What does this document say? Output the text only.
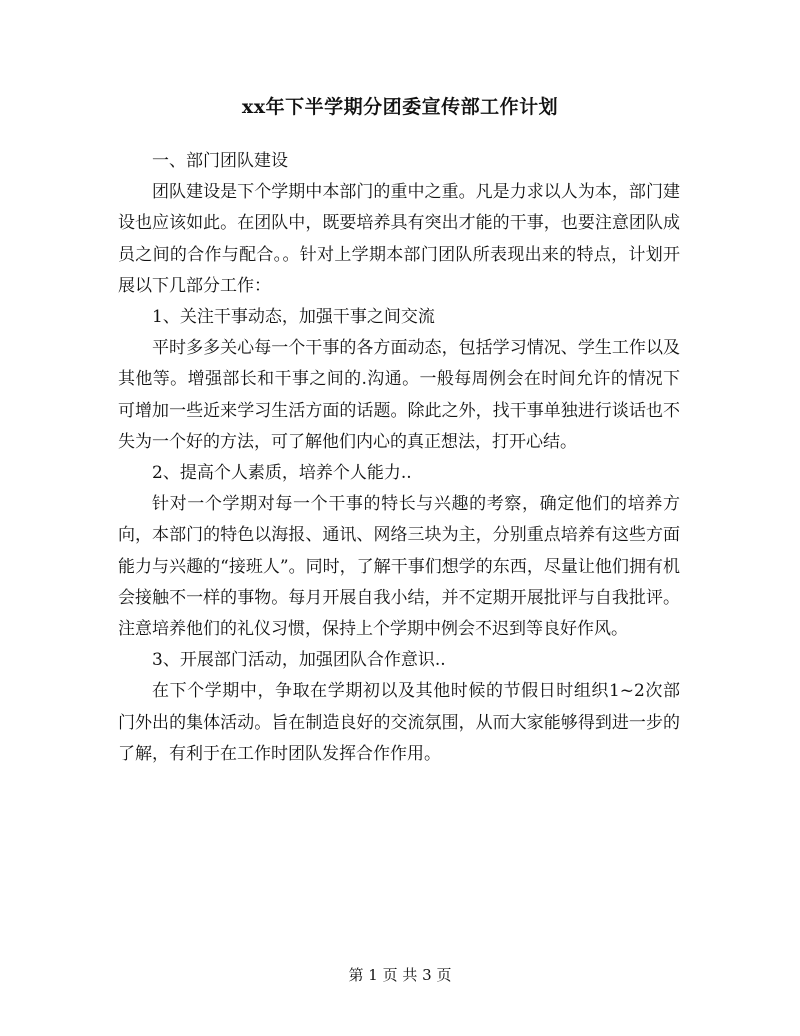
xx年下半学期分团委宣传部工作计划

一、部门团队建设

团队建设是下个学期中本部门的重中之重。凡是力求以人为本，部门建设也应该如此。在团队中，既要培养具有突出才能的干事，也要注意团队成员之间的合作与配合。。针对上学期本部门团队所表现出来的特点，计划开展以下几部分工作：

1、关注干事动态，加强干事之间交流

平时多多关心每一个干事的各方面动态，包括学习情况、学生工作以及其他等。增强部长和干事之间的.沟通。一般每周例会在时间允许的情况下可增加一些近来学习生活方面的话题。除此之外，找干事单独进行谈话也不失为一个好的方法，可了解他们内心的真正想法，打开心结。

2、提高个人素质，培养个人能力..

针对一个学期对每一个干事的特长与兴趣的考察，确定他们的培养方向，本部门的特色以海报、通讯、网络三块为主，分别重点培养有这些方面能力与兴趣的“接班人”。同时，了解干事们想学的东西，尽量让他们拥有机会接触不一样的事物。每月开展自我小结，并不定期开展批评与自我批评。注意培养他们的礼仪习惯，保持上个学期中例会不迟到等良好作风。

3、开展部门活动，加强团队合作意识..

在下个学期中，争取在学期初以及其他时候的节假日时组织1~2次部门外出的集体活动。旨在制造良好的交流氛围，从而大家能够得到进一步的了解，有利于在工作时团队发挥合作作用。

第 1 页 共 3 页
